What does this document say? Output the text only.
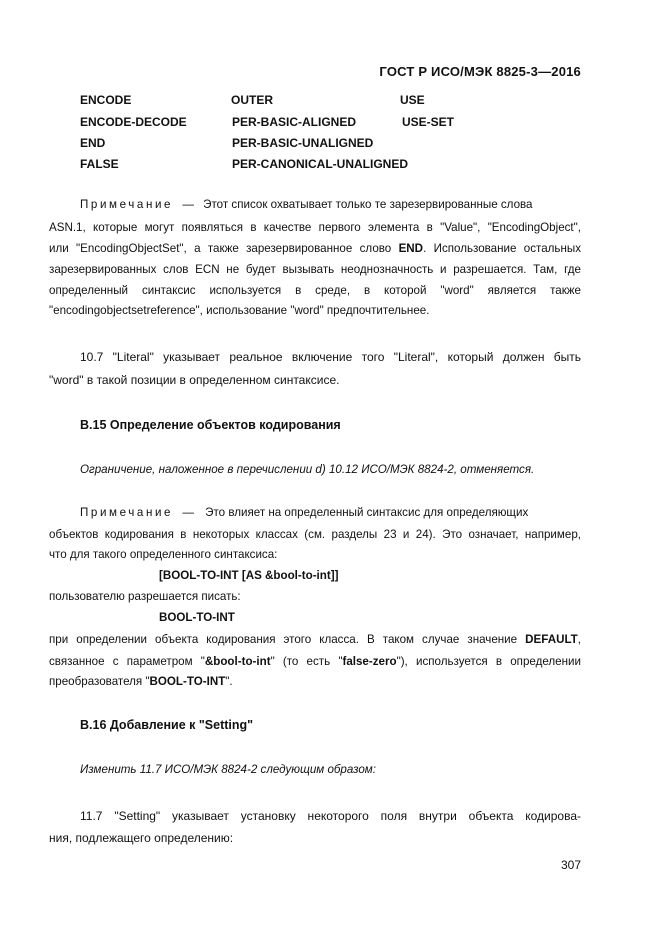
ГОСТ Р ИСО/МЭК 8825-3—2016
ENCODE
ENCODE-DECODE
END
FALSE
OUTER
PER-BASIC-ALIGNED
PER-BASIC-UNALIGNED
PER-CANONICAL-UNALIGNED
USE
USE-SET
Примечание — Этот список охватывает только те зарезервированные слова
ASN.1, которые могут появляться в качестве первого элемента в "Value", "EncodingObject",
или "EncodingObjectSet", а также зарезервированное слово END. Использование остальных
зарезервированных слов ECN не будет вызывать неоднозначность и разрешается. Там, где
определенный синтаксис используется в среде, в которой "word" является также
"encodingobjectsetreference", использование "word" предпочтительнее.
10.7 "Literal" указывает реальное включение того "Literal", который должен быть
"word" в такой позиции в определенном синтаксисе.
В.15 Определение объектов кодирования
Ограничение, наложенное в перечислении d) 10.12 ИСО/МЭК 8824-2, отменяется.
Примечание — Это влияет на определенный синтаксис для определяющих
объектов кодирования в некоторых классах (см. разделы 23 и 24). Это означает, например,
что для такого определенного синтаксиса:
[BOOL-TO-INT [AS &bool-to-int]]
пользователю разрешается писать:
BOOL-TO-INT
при определении объекта кодирования этого класса. В таком случае значение DEFAULT,
связанное с параметром "&bool-to-int" (то есть "false-zero"), используется в определении
преобразователя "BOOL-TO-INT".
В.16 Добавление к "Setting"
Изменить 11.7 ИСО/МЭК 8824-2 следующим образом:
11.7 "Setting" указывает установку некоторого поля внутри объекта кодирова-
ния, подлежащего определению:
307
